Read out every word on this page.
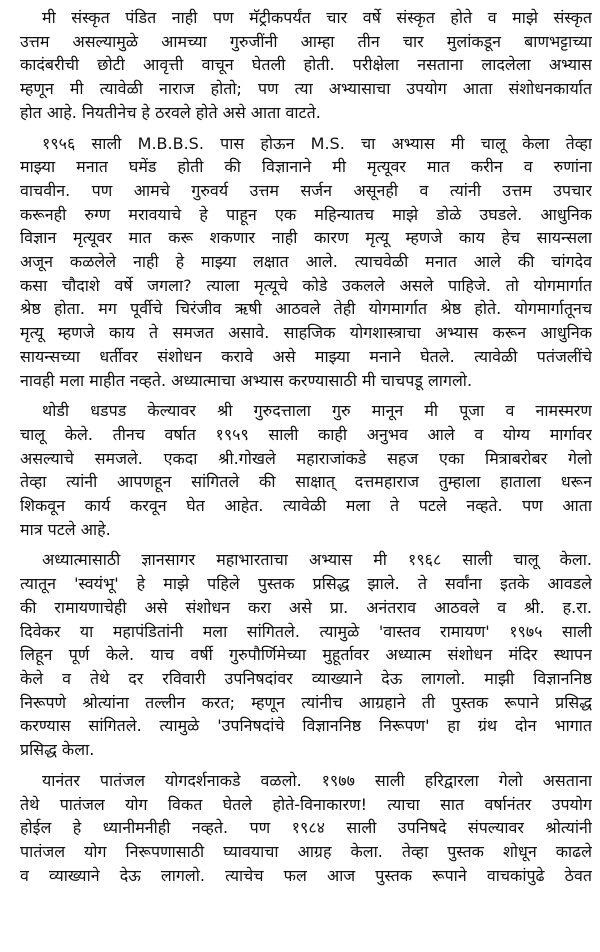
मी संस्कृत पंडित नाही पण मॅट्रीकपर्यंत चार वर्षे संस्कृत होते व माझे संस्कृत
उत्तम असल्यामुळे आमच्या गुरुजींनी आम्हा तीन चार मुलांकडून बाणभट्टाच्या
कादंबरीची छोटी आवृत्ती वाचून घेतली होती. परीक्षेला नसताना लादलेला अभ्यास
म्हणून मी त्यावेळी नाराज होतो; पण त्या अभ्यासाचा उपयोग आता संशोधनकार्यात
होत आहे. नियतीनेच हे ठरवले होते असे आता वाटते.
१९५६ साली M.B.B.S. पास होऊन M.S. चा अभ्यास मी चालू केला तेव्हा
माझ्या मनात घमेंड होती की विज्ञानाने मी मृत्यूवर मात करीन व रुणांना
वाचवीन. पण आमचे गुरुवर्य उत्तम सर्जन असूनही व त्यांनी उत्तम उपचार
करूनही रुग्ण मरावयाचे हे पाहून एक महिन्यातच माझे डोळे उघडले. आधुनिक
विज्ञान मृत्यूवर मात करू शकणार नाही कारण मृत्यू म्हणजे काय हेच सायन्सला
अजून कळलेले नाही हे माझ्या लक्षात आले. त्याचवेळी मनात आले की चांगदेव
कसा चौदाशे वर्षे जगला? त्याला मृत्यूचे कोडे उकलले असले पाहिजे. तो योगमार्गात
श्रेष्ठ होता. मग पूर्वीचे चिरंजीव ऋषी आठवले तेही योगमार्गात श्रेष्ठ होते. योगमार्गातूनच
मृत्यू म्हणजे काय ते समजत असावे. साहजिक योगशास्त्राचा अभ्यास करून आधुनिक
सायन्सच्या धर्तीवर संशोधन करावे असे माझ्या मनाने घेतले. त्यावेळी पतंजलींचे
नावही मला माहीत नव्हते. अध्यात्माचा अभ्यास करण्यासाठी मी चाचपडू लागलो.
थोडी धडपड केल्यावर श्री गुरुदत्ताला गुरु मानून मी पूजा व नामस्मरण
चालू केले. तीनच वर्षात १९५९ साली काही अनुभव आले व योग्य मार्गावर
असल्याचे समजले. एकदा श्री.गोखले महाराजांकडे सहज एका मित्राबरोबर गेलो
तेव्हा त्यांनी आपणहून सांगितले की साक्षात् दत्तमहाराज तुम्हाला हाताला धरून
शिकवून कार्य करवून घेत आहेत. त्यावेळी मला ते पटले नव्हते. पण आता
मात्र पटले आहे.
अध्यात्मासाठी ज्ञानसागर महाभारताचा अभ्यास मी १९६८ साली चालू केला.
त्यातून 'स्वयंभू' हे माझे पहिले पुस्तक प्रसिद्ध झाले. ते सर्वांना इतके आवडले
की रामायणाचेही असे संशोधन करा असे प्रा. अनंतराव आठवले व श्री. ह.रा.
दिवेकर या महापंडितांनी मला सांगितले. त्यामुळे 'वास्तव रामायण' १९७५ साली
लिहून पूर्ण केले. याच वर्षी गुरुपौर्णिमेच्या मुहूर्तावर अध्यात्म संशोधन मंदिर स्थापन
केले व तेथे दर रविवारी उपनिषदांवर व्याख्याने देऊ लागलो. माझी विज्ञाननिष्ठ
निरूपणे श्रोत्यांना तल्लीन करत; म्हणून त्यांनीच आग्रहाने ती पुस्तक रूपाने प्रसिद्ध
करण्यास सांगितले. त्यामुळे 'उपनिषदांचे विज्ञाननिष्ठ निरूपण' हा ग्रंथ दोन भागात
प्रसिद्ध केला.
यानंतर पातंजल योगदर्शनाकडे वळलो. १९७७ साली हरिद्वारला गेलो असताना
तेथे पातंजल योग विकत घेतले होते-विनाकारण! त्याचा सात वर्षानंतर उपयोग
होईल हे ध्यानीमनीही नव्हते. पण १९८४ साली उपनिषदे संपल्यावर श्रोत्यांनी
पातंजल योग निरूपणासाठी घ्यावयाचा आग्रह केला. तेव्हा पुस्तक शोधून काढले
व व्याख्याने देऊ लागलो. त्याचेच फल आज पुस्तक रूपाने वाचकांपुढे ठेवत
